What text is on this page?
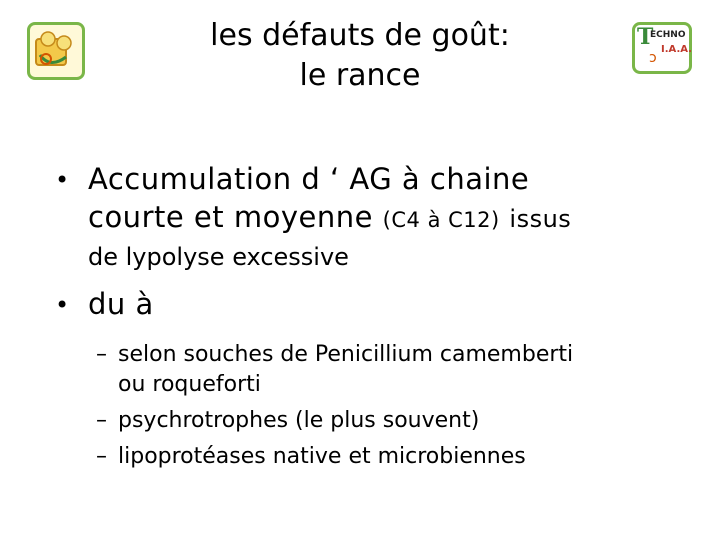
T
ECHNO
I.A.A.
ↄ
les défauts de goût:
le rance
• Accumulation d ‘ AG à chaine
courte et moyenne (C4 à C12) issus
de lypolyse excessive
• du à
– selon souches de Penicillium camemberti
ou roqueforti
– psychrotrophes (le plus souvent)
– lipoprotéases native et microbiennes
